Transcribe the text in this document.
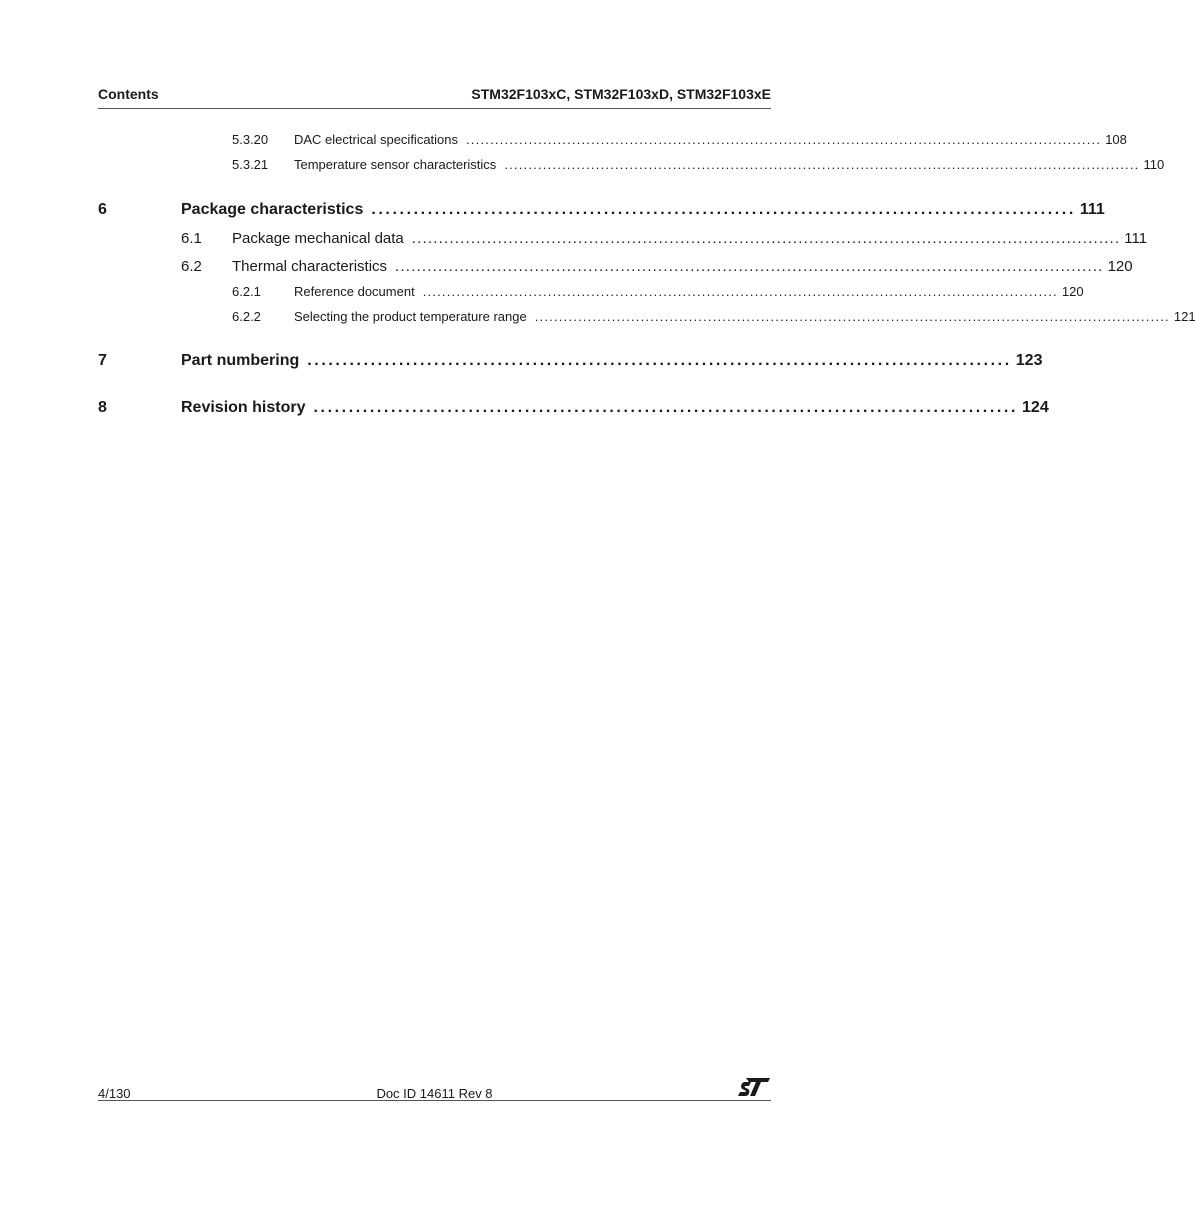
Contents	STM32F103xC, STM32F103xD, STM32F103xE
5.3.20	DAC electrical specifications .................................................................................................................................... 108
5.3.21	Temperature sensor characteristics .................................................................................................................................... 110
6	Package characteristics .................................................................................................... 111
6.1	Package mechanical data .................................................................................................................................... 111
6.2	Thermal characteristics .................................................................................................................................... 120
6.2.1	Reference document .................................................................................................................................... 120
6.2.2	Selecting the product temperature range .................................................................................................................................... 121
7	Part numbering .................................................................................................... 123
8	Revision history .................................................................................................... 124
4/130	Doc ID 14611 Rev 8
